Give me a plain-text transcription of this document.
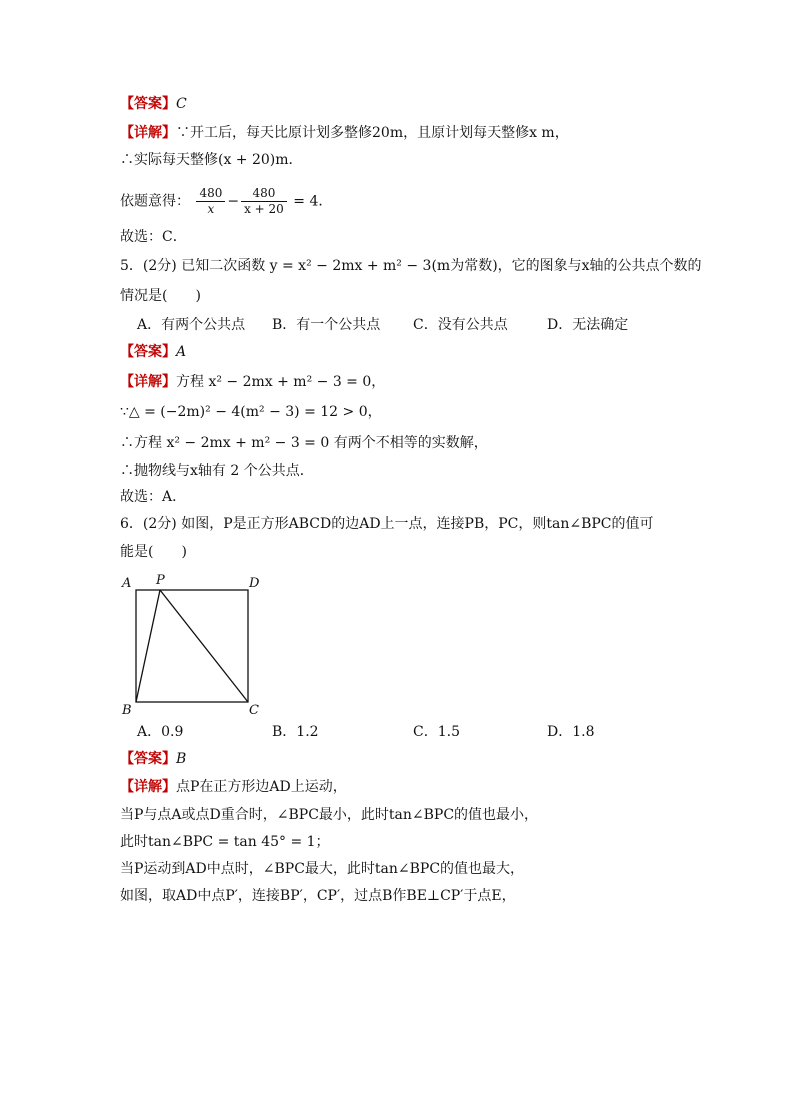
【答案】C
【详解】∵开工后，每天比原计划多整修20m，且原计划每天整修x m，
∴实际每天整修(x + 20)m．
依题意得： $\frac{480}{x} - \frac{480}{x + 20} = 4$．
故选：C．
5．(2分) 已知二次函数 y = x² − 2mx + m² − 3(m为常数)，它的图象与x轴的公共点个数的
情况是(　　)
A．有两个公共点 B．有一个公共点 C．没有公共点	D．无法确定
【答案】A
【详解】方程 x² − 2mx + m² − 3 = 0，
∵△ = (−2m)² − 4(m² − 3) = 12 > 0，
∴方程 x² − 2mx + m² − 3 = 0 有两个不相等的实数解，
∴抛物线与x轴有 2 个公共点．
故选：A．
6．(2分) 如图，P是正方形ABCD的边AD上一点，连接PB，PC，则tan∠BPC的值可
能是(　　)
A P	D
B	C
A．0.9	B．1.2	C．1.5	D．1.8
【答案】B
【详解】点P在正方形边AD上运动，
当P与点A或点D重合时，∠BPC最小，此时tan∠BPC的值也最小，
此时tan∠BPC = tan 45° = 1；
当P运动到AD中点时，∠BPC最大，此时tan∠BPC的值也最大，
如图，取AD中点P′，连接BP′，CP′，过点B作BE⊥CP′于点E，
